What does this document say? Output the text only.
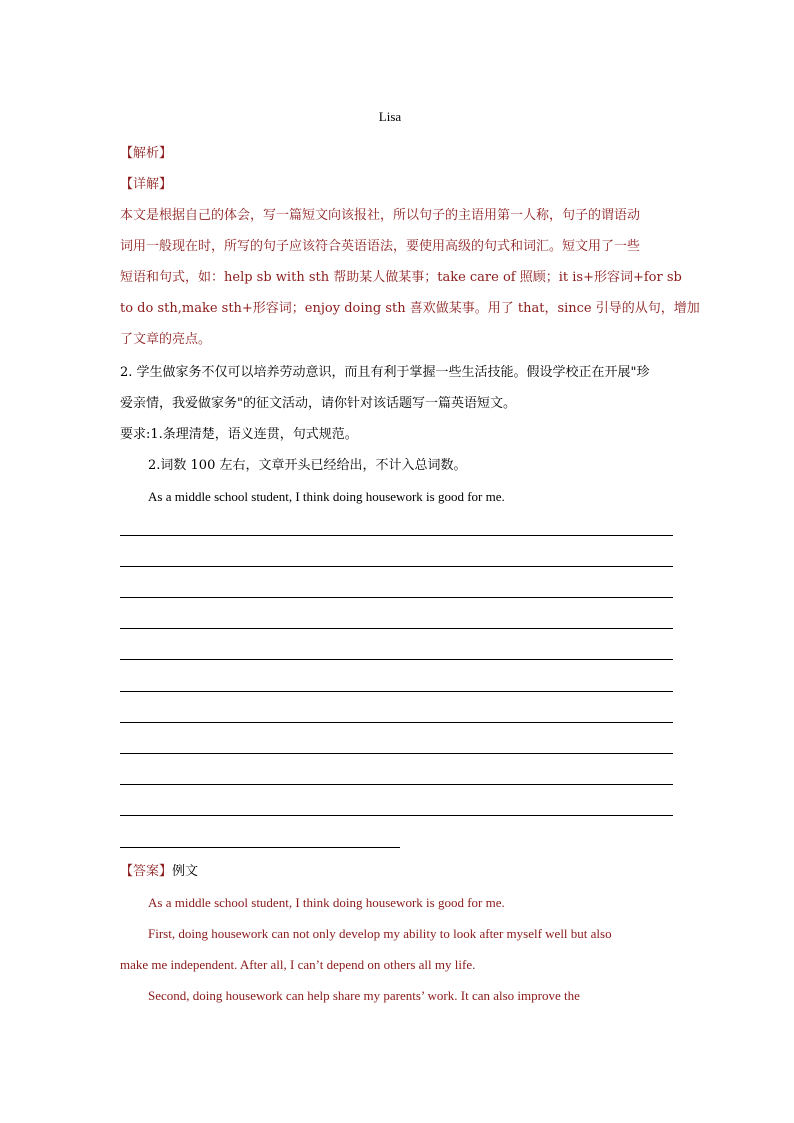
Lisa
【解析】
【详解】
本文是根据自己的体会，写一篇短文向该报社，所以句子的主语用第一人称，句子的谓语动
词用一般现在时，所写的句子应该符合英语语法，要使用高级的句式和词汇。短文用了一些
短语和句式，如：help sb with sth 帮助某人做某事；take care of 照顾；it is+形容词+for sb
to do sth,make sth+形容词；enjoy doing sth 喜欢做某事。用了 that，since 引导的从句，增加
了文章的亮点。
2. 学生做家务不仅可以培养劳动意识，而且有利于掌握一些生活技能。假设学校正在开展"珍
爱亲情，我爱做家务"的征文活动，请你针对该话题写一篇英语短文。
要求:1.条理清楚，语义连贯，句式规范。
2.词数 100 左右，文章开头已经给出，不计入总词数。
As a middle school student, I think doing housework is good for me.
【答案】例文
As a middle school student, I think doing housework is good for me.
First, doing housework can not only develop my ability to look after myself well but also
make me independent. After all, I can’t depend on others all my life.
Second, doing housework can help share my parents’ work. It can also improve the
